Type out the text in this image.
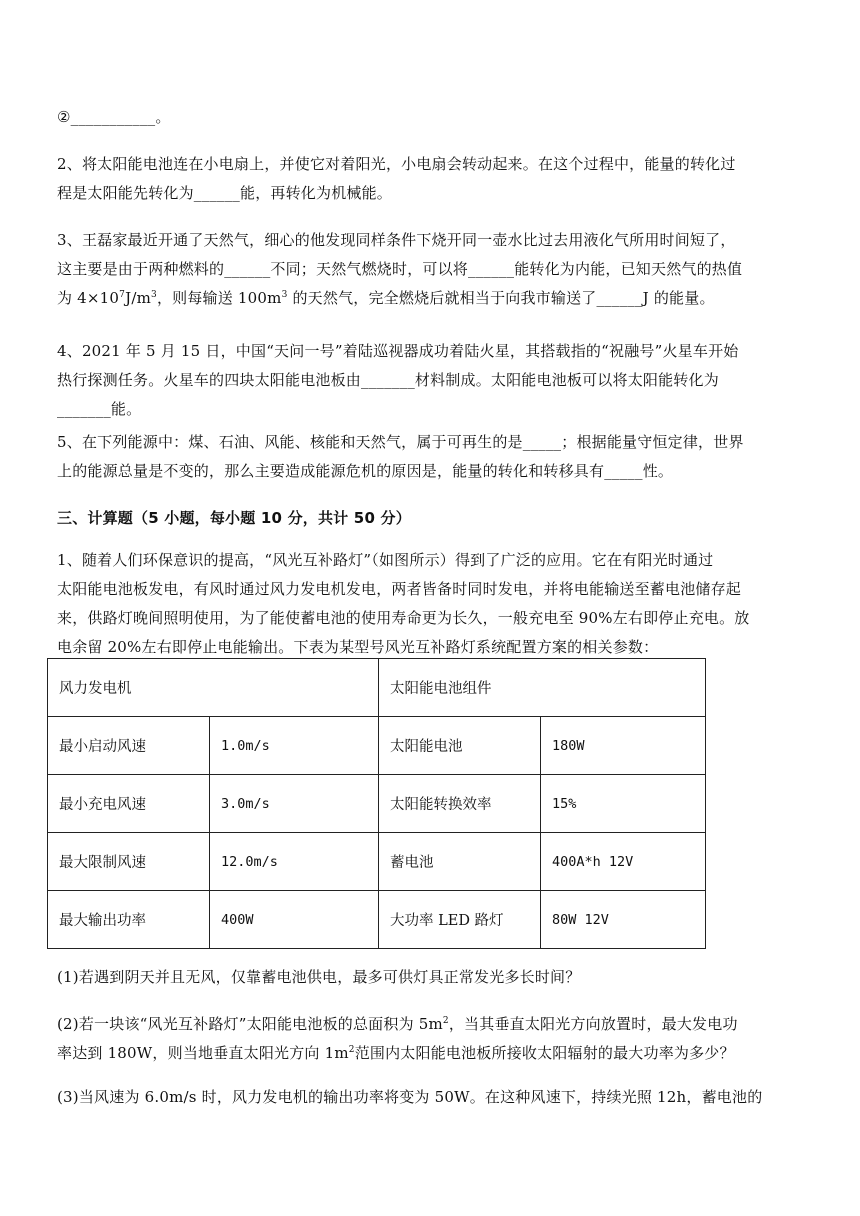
②___________。

2、将太阳能电池连在小电扇上，并使它对着阳光，小电扇会转动起来。在这个过程中，能量的转化过
程是太阳能先转化为______能，再转化为机械能。

3、王磊家最近开通了天然气，细心的他发现同样条件下烧开同一壶水比过去用液化气所用时间短了，
这主要是由于两种燃料的______不同；天然气燃烧时，可以将______能转化为内能，已知天然气的热值
为 $4\times 10^7J/m^3$，则每输送 $100m^3$ 的天然气，完全燃烧后就相当于向我市输送了______J 的能量。

4、2021 年 5 月 15 日，中国“天问一号”着陆巡视器成功着陆火星，其搭载指的“祝融号”火星车开始
热行探测任务。火星车的四块太阳能电池板由_______材料制成。太阳能电池板可以将太阳能转化为
_______能。

5、在下列能源中：煤、石油、风能、核能和天然气，属于可再生的是_____；根据能量守恒定律，世界
上的能源总量是不变的，那么主要造成能源危机的原因是，能量的转化和转移具有_____性。

三、计算题（5 小题，每小题 10 分，共计 50 分）

1、随着人们环保意识的提高，“风光互补路灯”（如图所示）得到了广泛的应用。它在有阳光时通过
太阳能电池板发电，有风时通过风力发电机发电，两者皆备时同时发电，并将电能输送至蓄电池储存起
来，供路灯晚间照明使用，为了能使蓄电池的使用寿命更为长久，一般充电至 90%左右即停止充电。放
电余留 20%左右即停止电能输出。下表为某型号风光互补路灯系统配置方案的相关参数：

风力发电机		太阳能电池组件	
最小启动风速	1.0m/s	太阳能电池	180W
最小充电风速	3.0m/s	太阳能转换效率	15%
最大限制风速	12.0m/s	蓄电池	400A*h 12V
最大输出功率	400W	大功率 LED 路灯	80W 12V

(1)若遇到阴天并且无风，仅靠蓄电池供电，最多可供灯具正常发光多长时间？

(2)若一块该“风光互补路灯”太阳能电池板的总面积为 $5m^2$，当其垂直太阳光方向放置时，最大发电功
率达到 180W，则当地垂直太阳光方向 $1m^2$范围内太阳能电池板所接收太阳辐射的最大功率为多少？

(3)当风速为 6.0m/s 时，风力发电机的输出功率将变为 50W。在这种风速下，持续光照 12h，蓄电池的
